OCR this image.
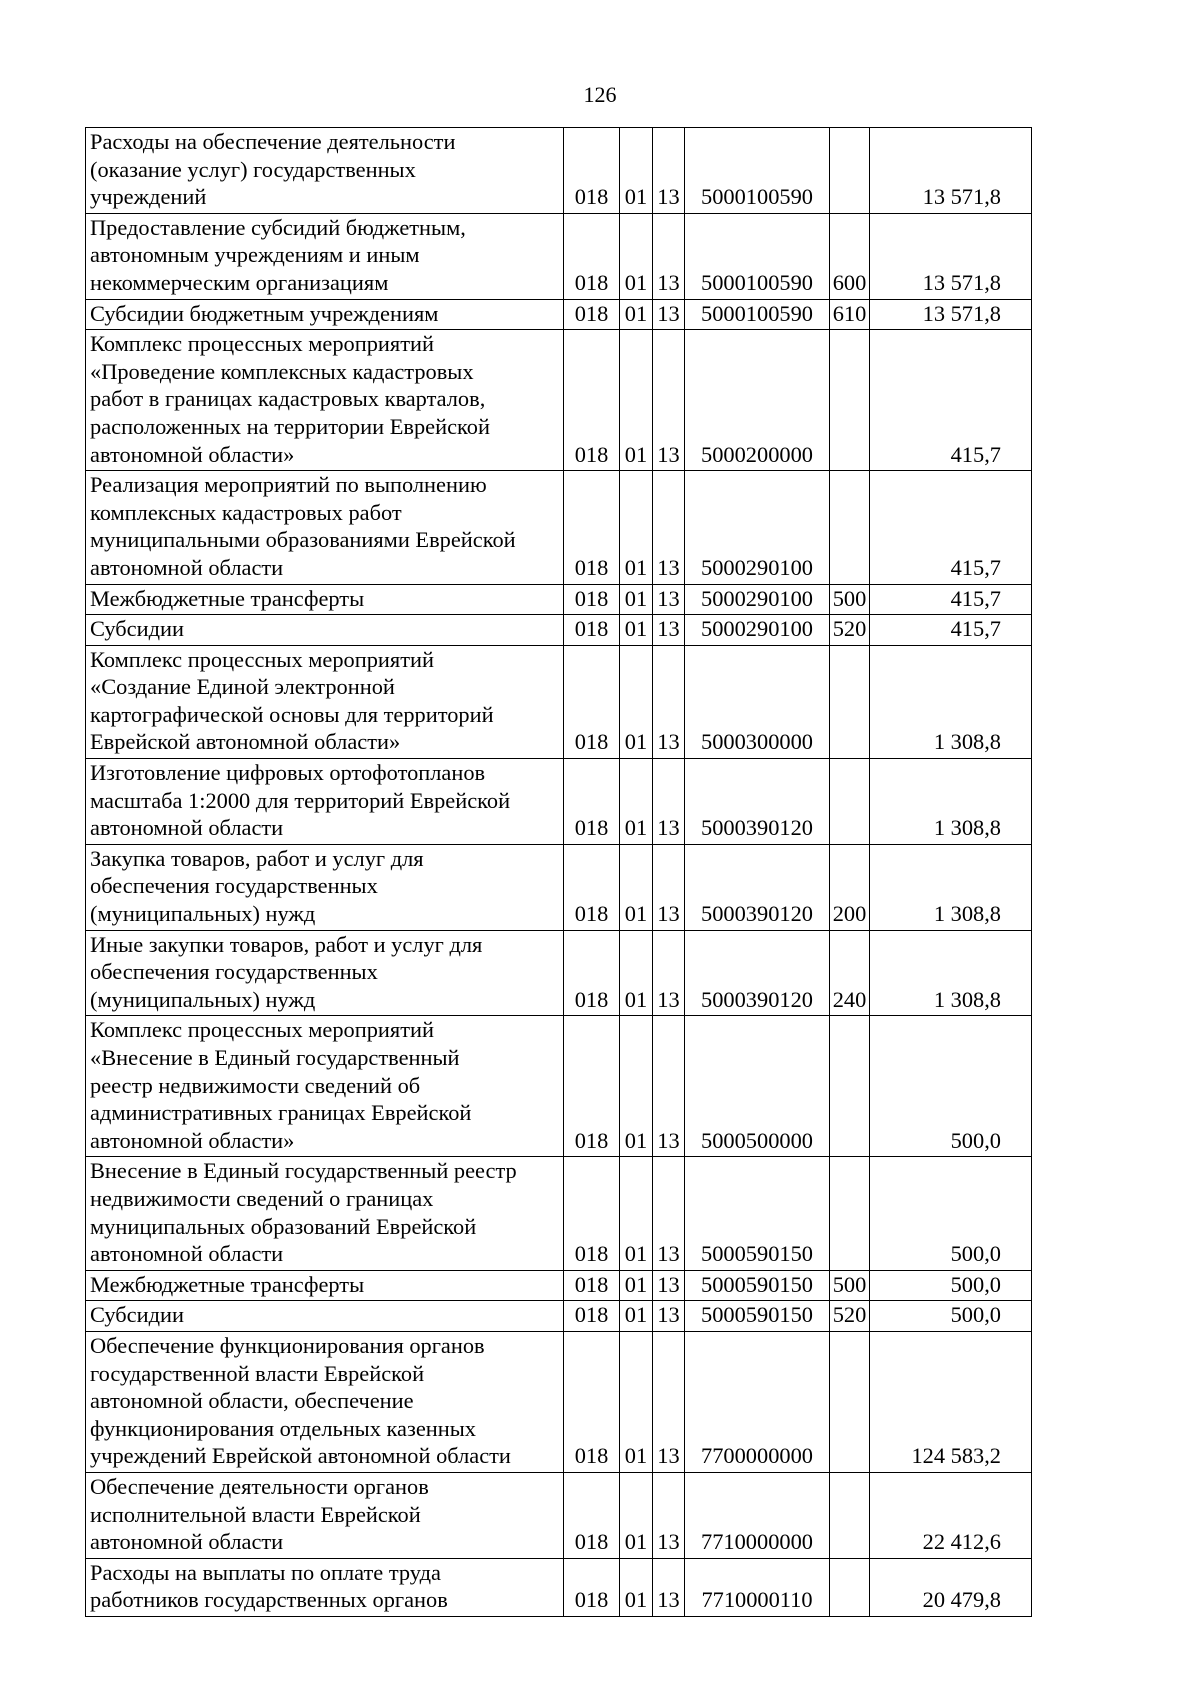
126
Расходы на обеспечение деятельности
(оказание услуг) государственных
учреждений	018	01	13	5000100590		13 571,8

Предоставление субсидий бюджетным,
автономным учреждениям и иным
некоммерческим организациям	018	01	13	5000100590	600	13 571,8

Субсидии бюджетным учреждениям	018	01	13	5000100590	610	13 571,8

Комплекс процессных мероприятий
«Проведение комплексных кадастровых
работ в границах кадастровых кварталов,
расположенных на территории Еврейской
автономной области»	018	01	13	5000200000		415,7

Реализация мероприятий по выполнению
комплексных кадастровых работ
муниципальными образованиями Еврейской
автономной области	018	01	13	5000290100		415,7

Межбюджетные трансферты	018	01	13	5000290100	500	415,7

Субсидии	018	01	13	5000290100	520	415,7

Комплекс процессных мероприятий
«Создание Единой электронной
картографической основы для территорий
Еврейской автономной области»	018	01	13	5000300000		1 308,8

Изготовление цифровых ортофотопланов
масштаба 1:2000 для территорий Еврейской
автономной области	018	01	13	5000390120		1 308,8

Закупка товаров, работ и услуг для
обеспечения государственных
(муниципальных) нужд	018	01	13	5000390120	200	1 308,8

Иные закупки товаров, работ и услуг для
обеспечения государственных
(муниципальных) нужд	018	01	13	5000390120	240	1 308,8

Комплекс процессных мероприятий
«Внесение в Единый государственный
реестр недвижимости сведений об
административных границах Еврейской
автономной области»	018	01	13	5000500000		500,0

Внесение в Единый государственный реестр
недвижимости сведений о границах
муниципальных образований Еврейской
автономной области	018	01	13	5000590150		500,0

Межбюджетные трансферты	018	01	13	5000590150	500	500,0

Субсидии	018	01	13	5000590150	520	500,0

Обеспечение функционирования органов
государственной власти Еврейской
автономной области, обеспечение
функционирования отдельных казенных
учреждений Еврейской автономной области	018	01	13	7700000000		124 583,2

Обеспечение деятельности органов
исполнительной власти Еврейской
автономной области	018	01	13	7710000000		22 412,6

Расходы на выплаты по оплате труда
работников государственных органов	018	01	13	7710000110		20 479,8
